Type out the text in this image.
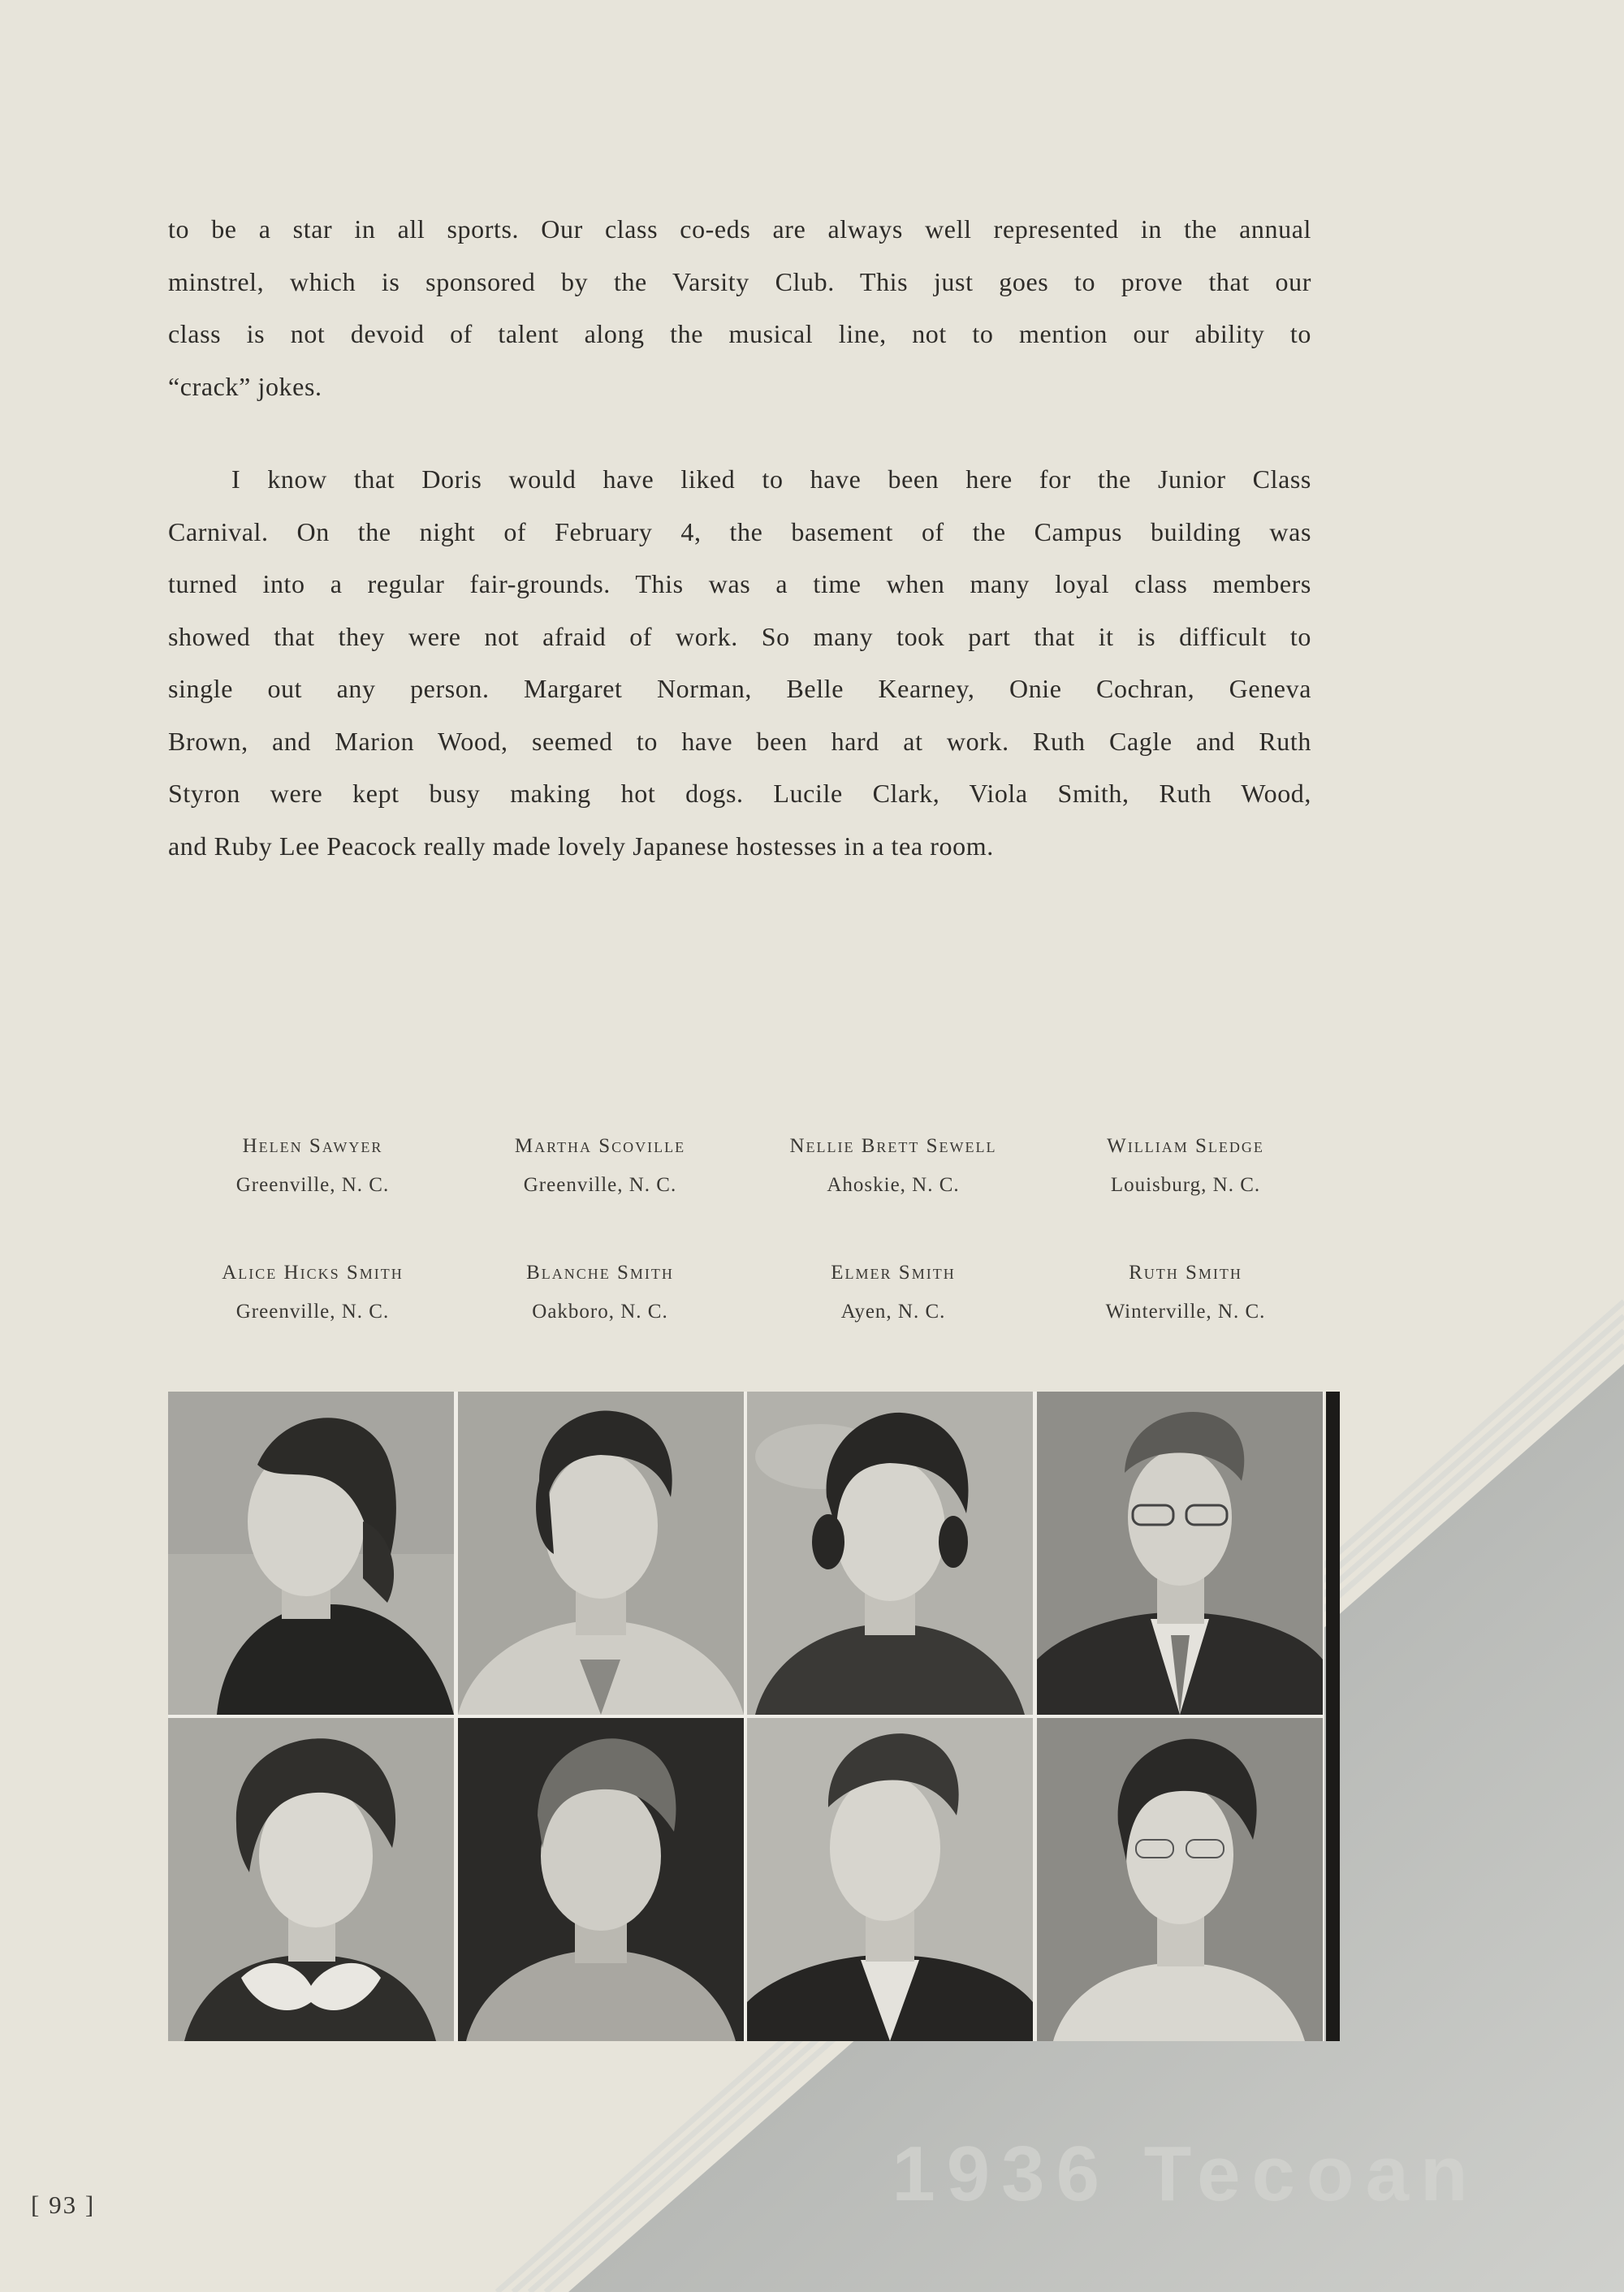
to be a star in all sports. Our class co-eds are always well represented in the annual
minstrel, which is sponsored by the Varsity Club. This just goes to prove that our
class is not devoid of talent along the musical line, not to mention our ability to
“crack” jokes.
I know that Doris would have liked to have been here for the Junior Class
Carnival. On the night of February 4, the basement of the Campus building was
turned into a regular fair-grounds. This was a time when many loyal class members
showed that they were not afraid of work. So many took part that it is difficult to
single out any person. Margaret Norman, Belle Kearney, Onie Cochran, Geneva
Brown, and Marion Wood, seemed to have been hard at work. Ruth Cagle and Ruth
Styron were kept busy making hot dogs. Lucile Clark, Viola Smith, Ruth Wood,
and Ruby Lee Peacock really made lovely Japanese hostesses in a tea room.
Helen Sawyer
Greenville, N. C.
Martha Scoville
Greenville, N. C.
Nellie Brett Sewell
Ahoskie, N. C.
William Sledge
Louisburg, N. C.
Alice Hicks Smith
Greenville, N. C.
Blanche Smith
Oakboro, N. C.
Elmer Smith
Ayen, N. C.
Ruth Smith
Winterville, N. C.
[ 93 ]	1936 Tecoan
